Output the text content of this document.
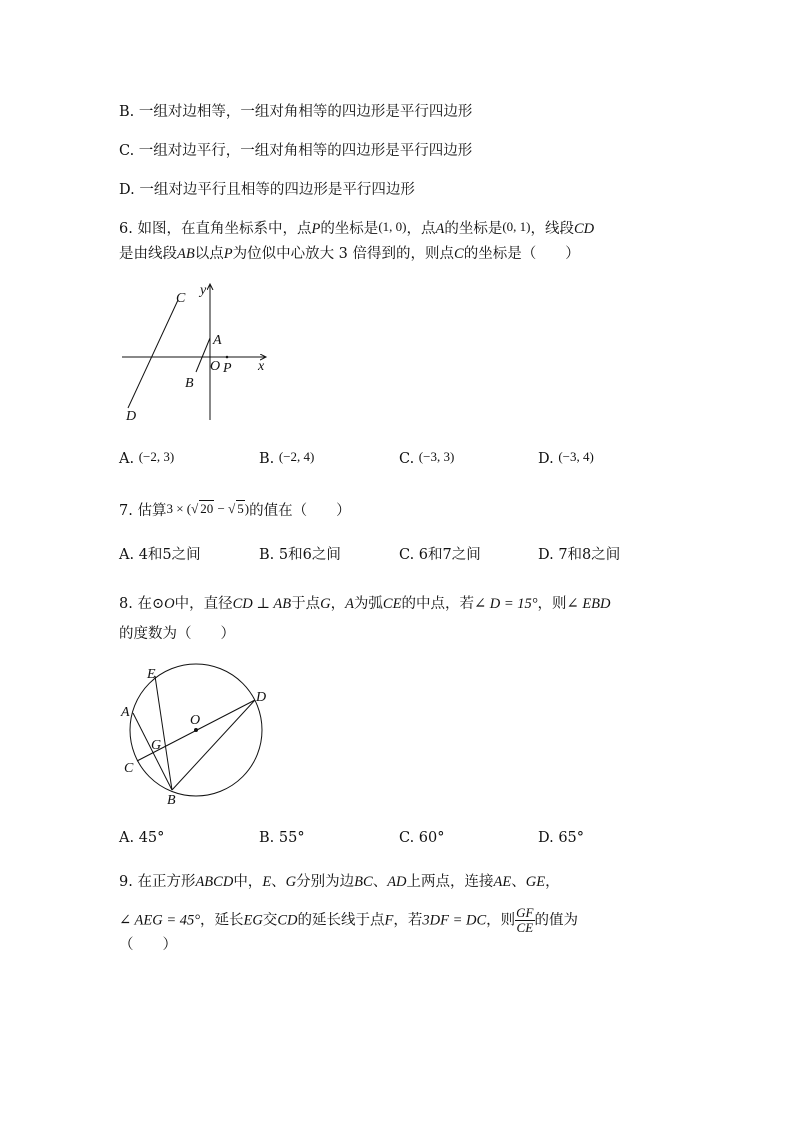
B. 一组对边相等，一组对角相等的四边形是平行四边形
C. 一组对边平行，一组对角相等的四边形是平行四边形
D. 一组对边平行且相等的四边形是平行四边形
6. 如图，在直角坐标系中，点P的坐标是(1, 0)，点A的坐标是(0, 1)，线段CD
是由线段AB以点P为位似中心放大 3 倍得到的，则点C的坐标是（　　）
C
y
A
O P x
B
D
A. (−2, 3)	B. (−2, 4)	C. (−3, 3)	D. (−3, 4)
7. 估算3 × (√ 20 − √ 5)的值在（　　）
A. 4和5之间	B. 5和6之间	C. 6和7之间	D. 7和8之间
8. 在⊙O中，直径CD ⊥ AB于点G，A为弧CE的中点，若∠ D = 15°，则∠ EBD
的度数为（　　）
E
D
A
O
G
C
B
A. 45°	B. 55°	C. 60°	D. 65°
9. 在正方形ABCD中，E、G分别为边BC、AD上两点，连接AE、GE，
∠ AEG = 45°，延长EG交CD的延长线于点F，若3DF = DC，则 $\frac{GF}{CE}$ 的值为
（　　）
